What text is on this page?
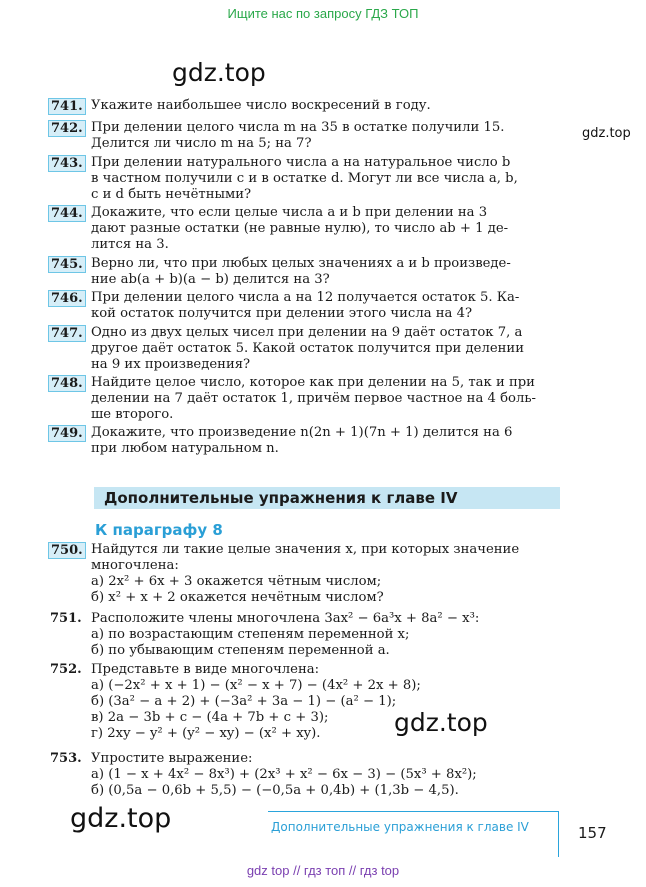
Ищите нас по запросу ГДЗ ТОП
gdz.top
gdz.top
gdz.top
gdz.top
741. Укажите наибольшее число воскресений в году.

742. При делении целого числа m на 35 в остатке получили 15.

Делится ли число m на 5; на 7?

743. При делении натурального числа a на натуральное число b

в частном получили c и в остатке d. Могут ли все числа a, b,

c и d быть нечётными?

744. Докажите, что если целые числа a и b при делении на 3

дают разные остатки (не равные нулю), то число ab + 1 де-

лится на 3.

745. Верно ли, что при любых целых значениях a и b произведе-

ние ab(a + b)(a − b) делится на 3?

746. При делении целого числа a на 12 получается остаток 5. Ка-

кой остаток получится при делении этого числа на 4?

747. Одно из двух целых чисел при делении на 9 даёт остаток 7, а

другое даёт остаток 5. Какой остаток получится при делении

на 9 их произведения?

748. Найдите целое число, которое как при делении на 5, так и при

делении на 7 даёт остаток 1, причём первое частное на 4 боль-

ше второго.

749. Докажите, что произведение n(2n + 1)(7n + 1) делится на 6

при любом натуральном n.

Дополнительные упражнения к главе IV
К параграфу 8
750. Найдутся ли такие целые значения x, при которых значение

многочлена:

а) 2x² + 6x + 3 окажется чётным числом;

б) x² + x + 2 окажется нечётным числом?

751. Расположите члены многочлена 3ax² − 6a³x + 8a² − x³:

а) по возрастающим степеням переменной x;

б) по убывающим степеням переменной a.

752. Представьте в виде многочлена:

а) (−2x² + x + 1) − (x² − x + 7) − (4x² + 2x + 8);

б) (3a² − a + 2) + (−3a² + 3a − 1) − (a² − 1);

в) 2a − 3b + c − (4a + 7b + c + 3);

г) 2xy − y² + (y² − xy) − (x² + xy).

753. Упростите выражение:

а) (1 − x + 4x² − 8x³) + (2x³ + x² − 6x − 3) − (5x³ + 8x²);

б) (0,5a − 0,6b + 5,5) − (−0,5a + 0,4b) + (1,3b − 4,5).

Дополнительные упражнения к главе IV	157
gdz top // гдз топ // гдз top
